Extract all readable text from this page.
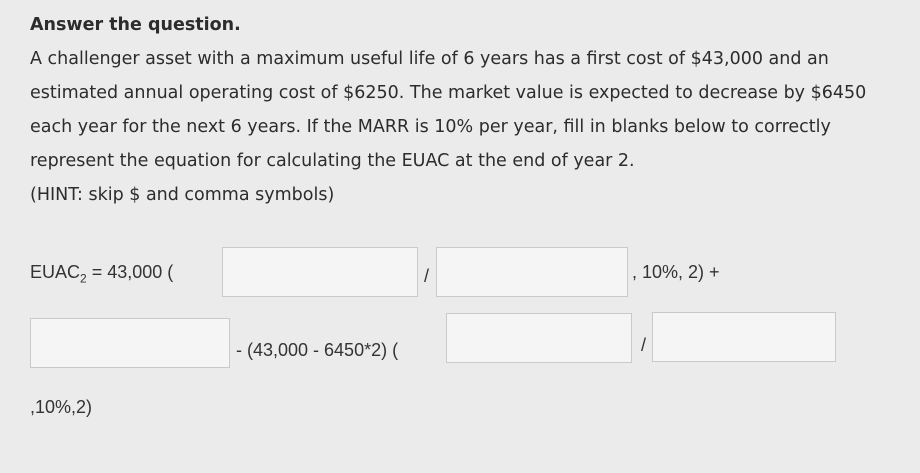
Answer the question.

A challenger asset with a maximum useful life of 6 years has a first cost of $43,000 and an estimated annual operating cost of $6250. The market value is expected to decrease by $6450 each year for the next 6 years. If the MARR is 10% per year, fill in blanks below to correctly represent the equation for calculating the EUAC at the end of year 2.

(HINT: skip $ and comma symbols)

$EUAC_2 = 43,000$ (	/	, 10%, 2) +
- (43,000 - 6450*2) (	/
,10%,2)
